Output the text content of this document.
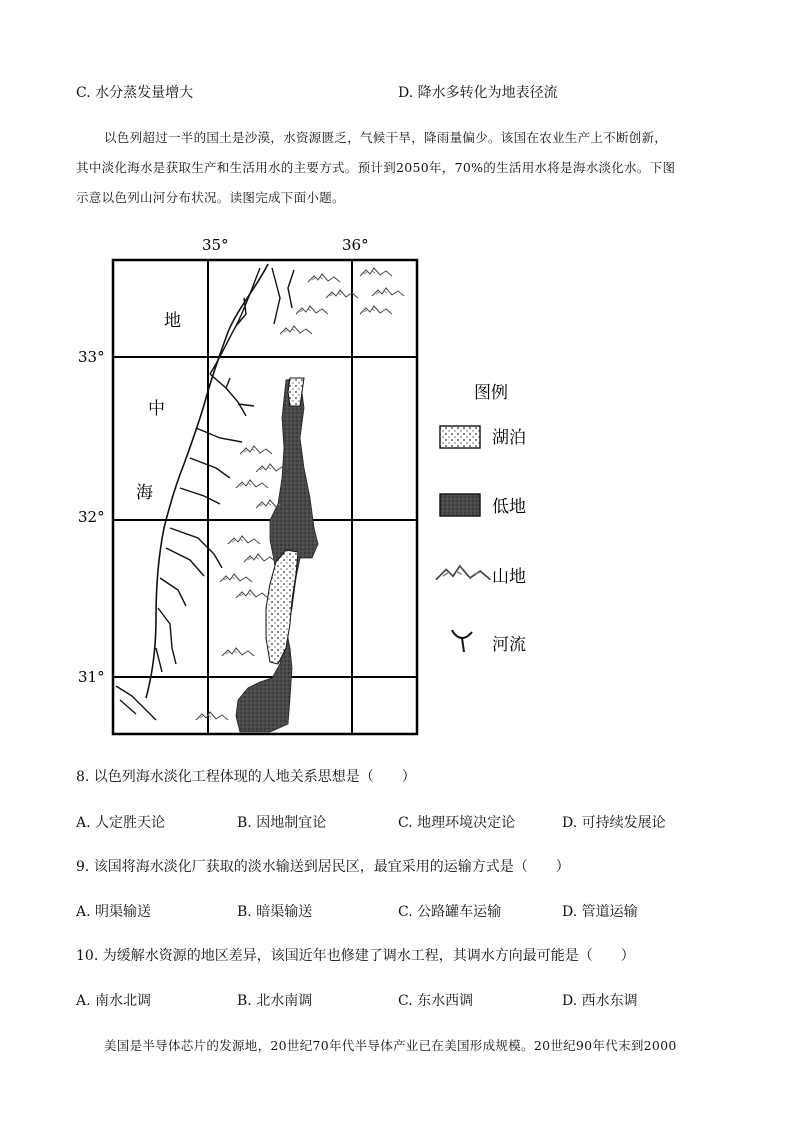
C. 水分蒸发量增大	D. 降水多转化为地表径流
以色列超过一半的国土是沙漠，水资源匮乏，气候干旱，降雨量偏少。该国在农业生产上不断创新，
其中淡化海水是获取生产和生活用水的主要方式。预计到2050年，70%的生活用水将是海水淡化水。下图
示意以色列山河分布状况。读图完成下面小题。
35°	36°
33°
32°
31°
地
中
海
图例
湖泊
低地
山地
河流
8. 以色列海水淡化工程体现的人地关系思想是（　　）
A. 人定胜天论	B. 因地制宜论	C. 地理环境决定论	D. 可持续发展论
9. 该国将海水淡化厂获取的淡水输送到居民区，最宜采用的运输方式是（　　）
A. 明渠输送	B. 暗渠输送	C. 公路罐车运输	D. 管道运输
10. 为缓解水资源的地区差异，该国近年也修建了调水工程，其调水方向最可能是（　　）
A. 南水北调	B. 北水南调	C. 东水西调	D. 西水东调
美国是半导体芯片的发源地，20世纪70年代半导体产业已在美国形成规模。20世纪90年代末到2000
